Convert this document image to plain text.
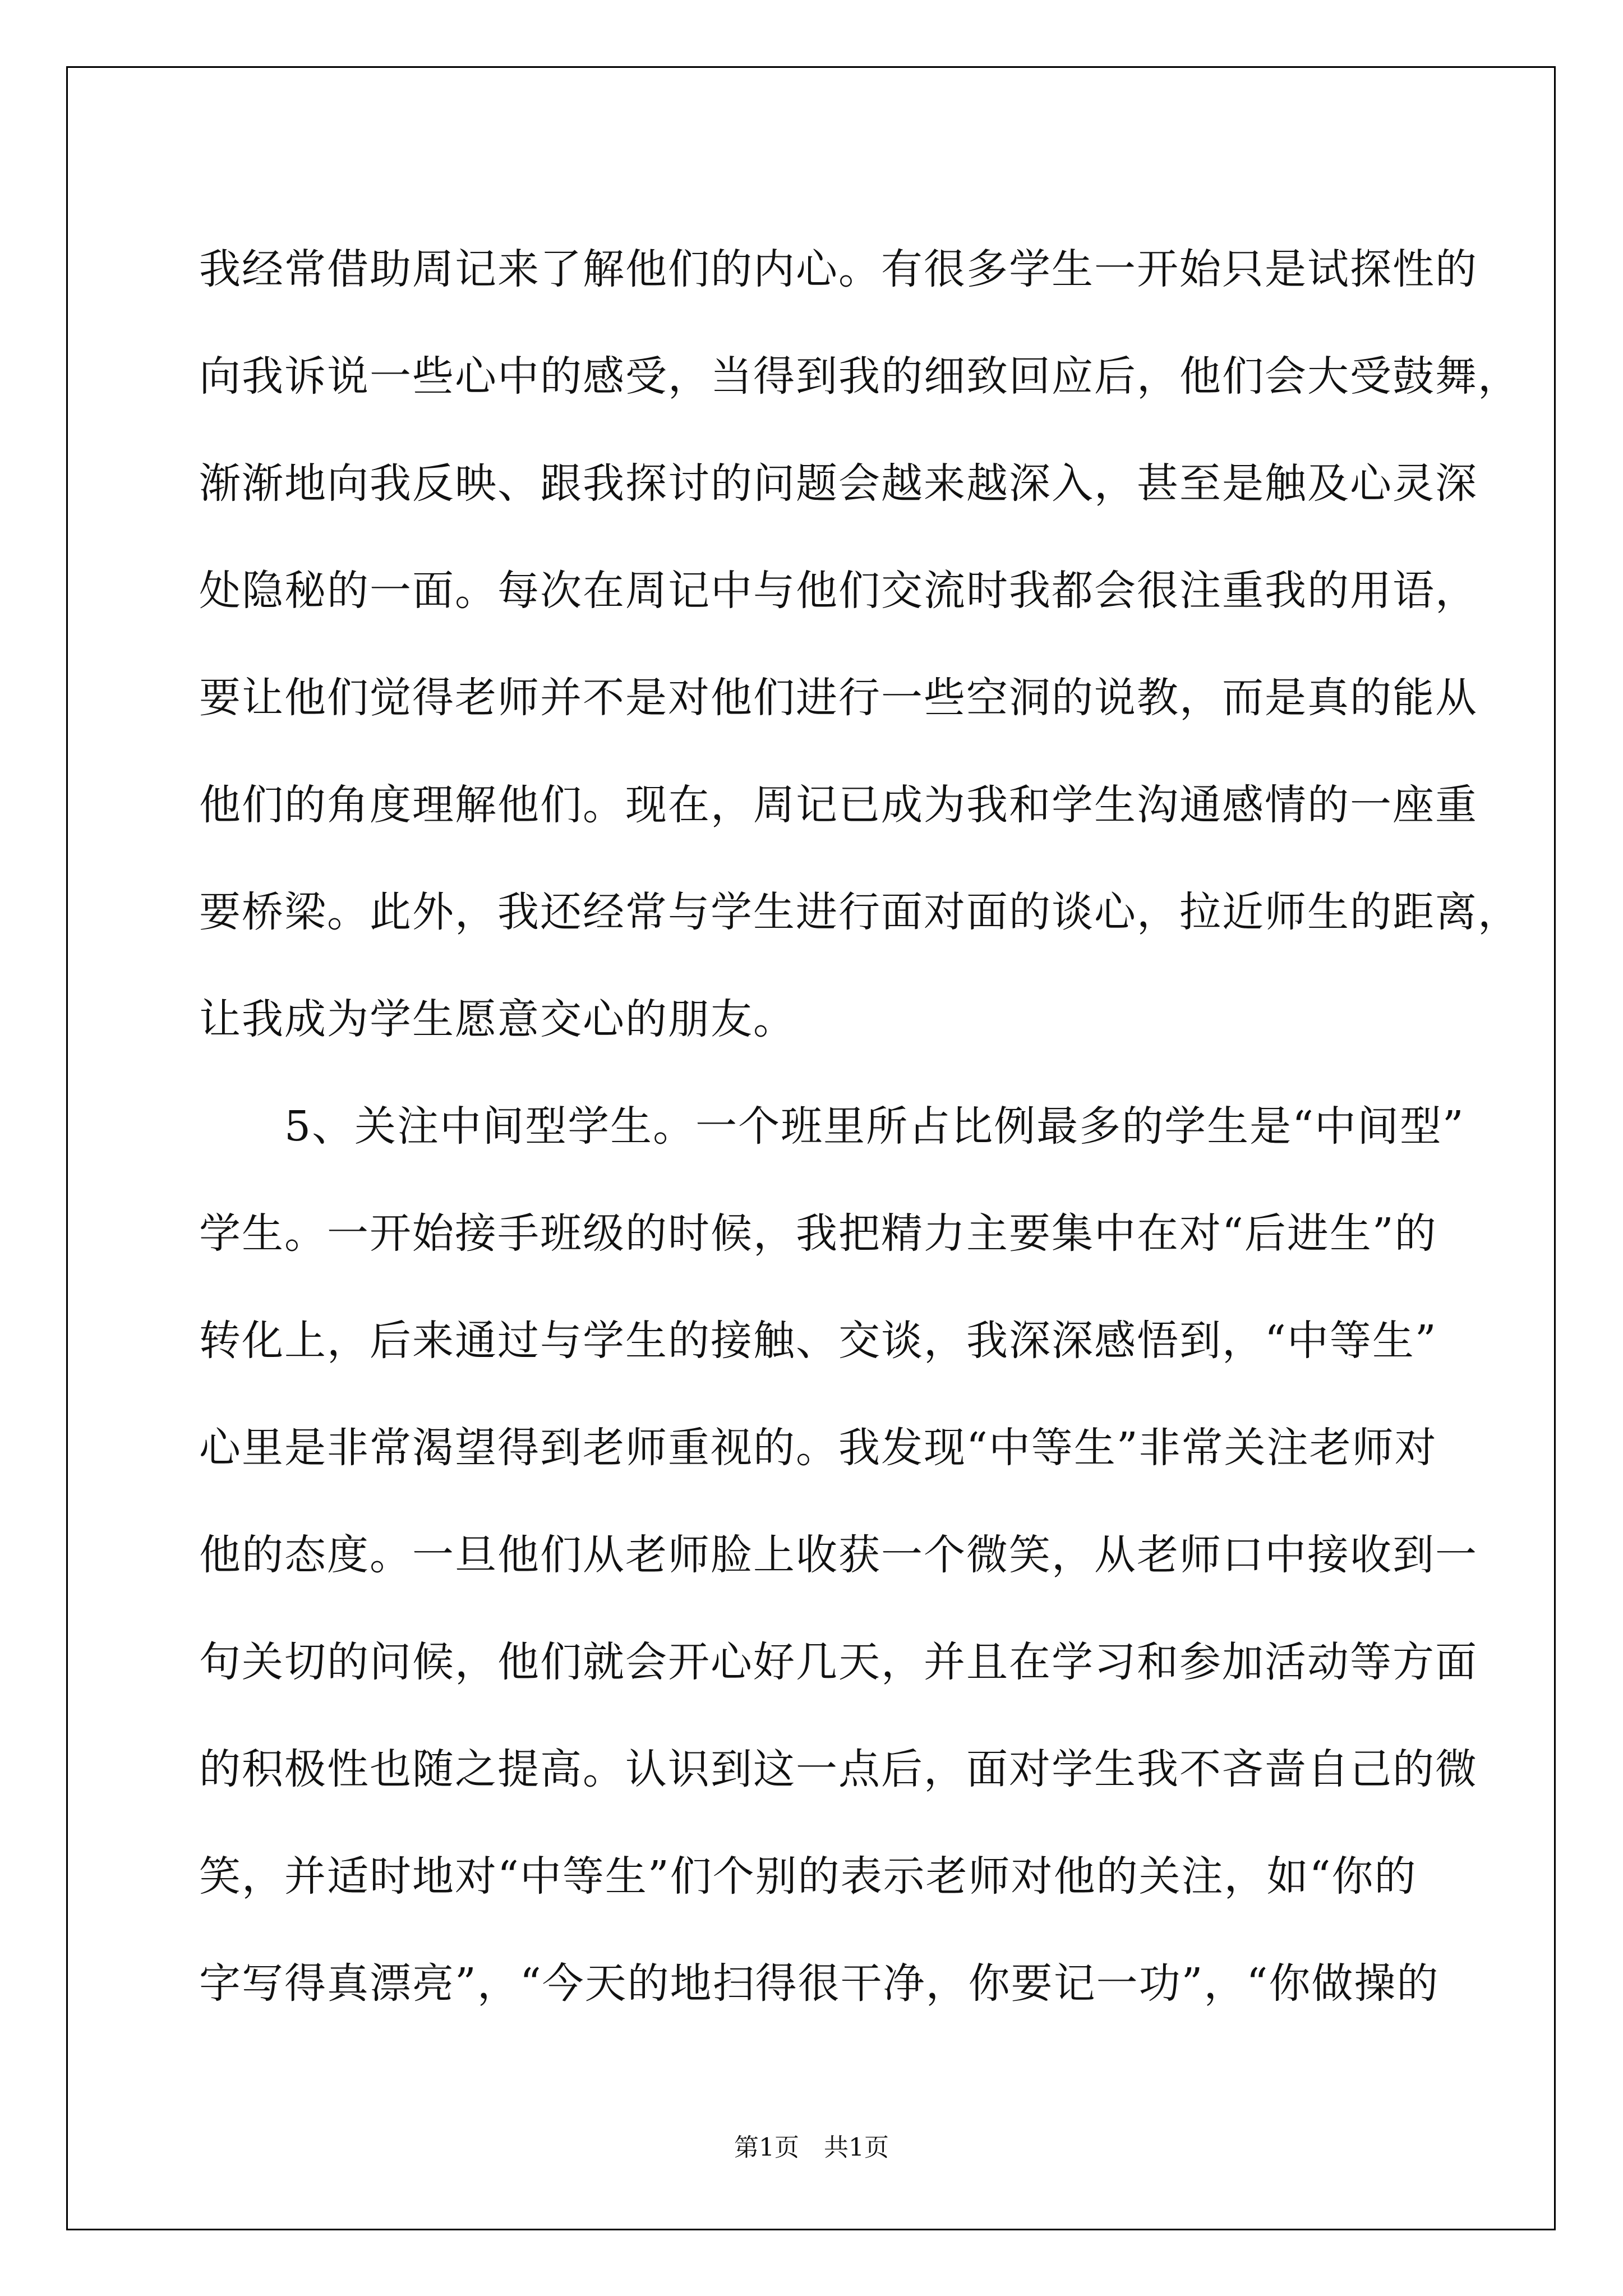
我经常借助周记来了解他们的内心。有很多学生一开始只是试探性的
向我诉说一些心中的感受，当得到我的细致回应后，他们会大受鼓舞，
渐渐地向我反映、跟我探讨的问题会越来越深入，甚至是触及心灵深
处隐秘的一面。每次在周记中与他们交流时我都会很注重我的用语，
要让他们觉得老师并不是对他们进行一些空洞的说教，而是真的能从
他们的角度理解他们。现在，周记已成为我和学生沟通感情的一座重
要桥梁。此外，我还经常与学生进行面对面的谈心，拉近师生的距离，
让我成为学生愿意交心的朋友。
　　5、关注中间型学生。一个班里所占比例最多的学生是“中间型”
学生。一开始接手班级的时候，我把精力主要集中在对“后进生”的
转化上，后来通过与学生的接触、交谈，我深深感悟到，“中等生”
心里是非常渴望得到老师重视的。我发现“中等生”非常关注老师对
他的态度。一旦他们从老师脸上收获一个微笑，从老师口中接收到一
句关切的问候，他们就会开心好几天，并且在学习和参加活动等方面
的积极性也随之提高。认识到这一点后，面对学生我不吝啬自己的微
笑，并适时地对“中等生”们个别的表示老师对他的关注，如“你的
字写得真漂亮”，“今天的地扫得很干净，你要记一功”，“你做操的
第1页 共1页
